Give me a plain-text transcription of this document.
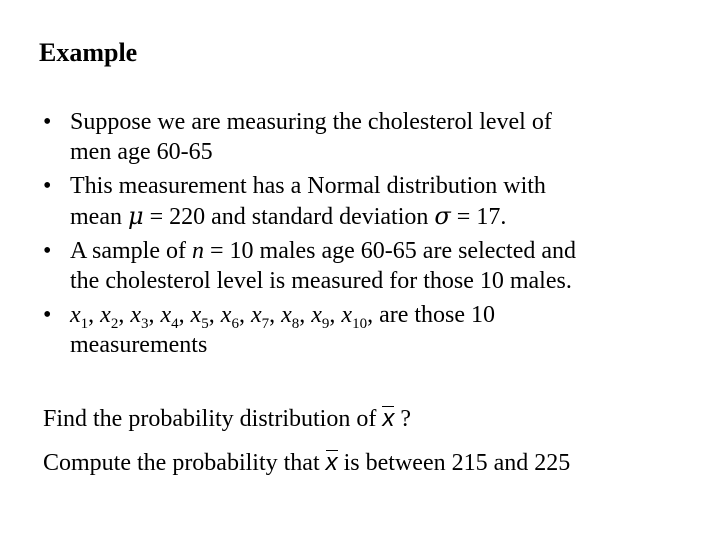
Example
• Suppose we are measuring the cholesterol level of
men age 60-65
• This measurement has a Normal distribution with
mean μ = 220 and standard deviation σ = 17.
• A sample of n = 10 males age 60-65 are selected and
the cholesterol level is measured for those 10 males.
• $x_1$, $x_2$, $x_3$, $x_4$, $x_5$, $x_6$, $x_7$, $x_8$, $x_9$, $x_{10}$, are those 10
measurements
Find the probability distribution of x ?
Compute the probability that x is between 215 and 225
